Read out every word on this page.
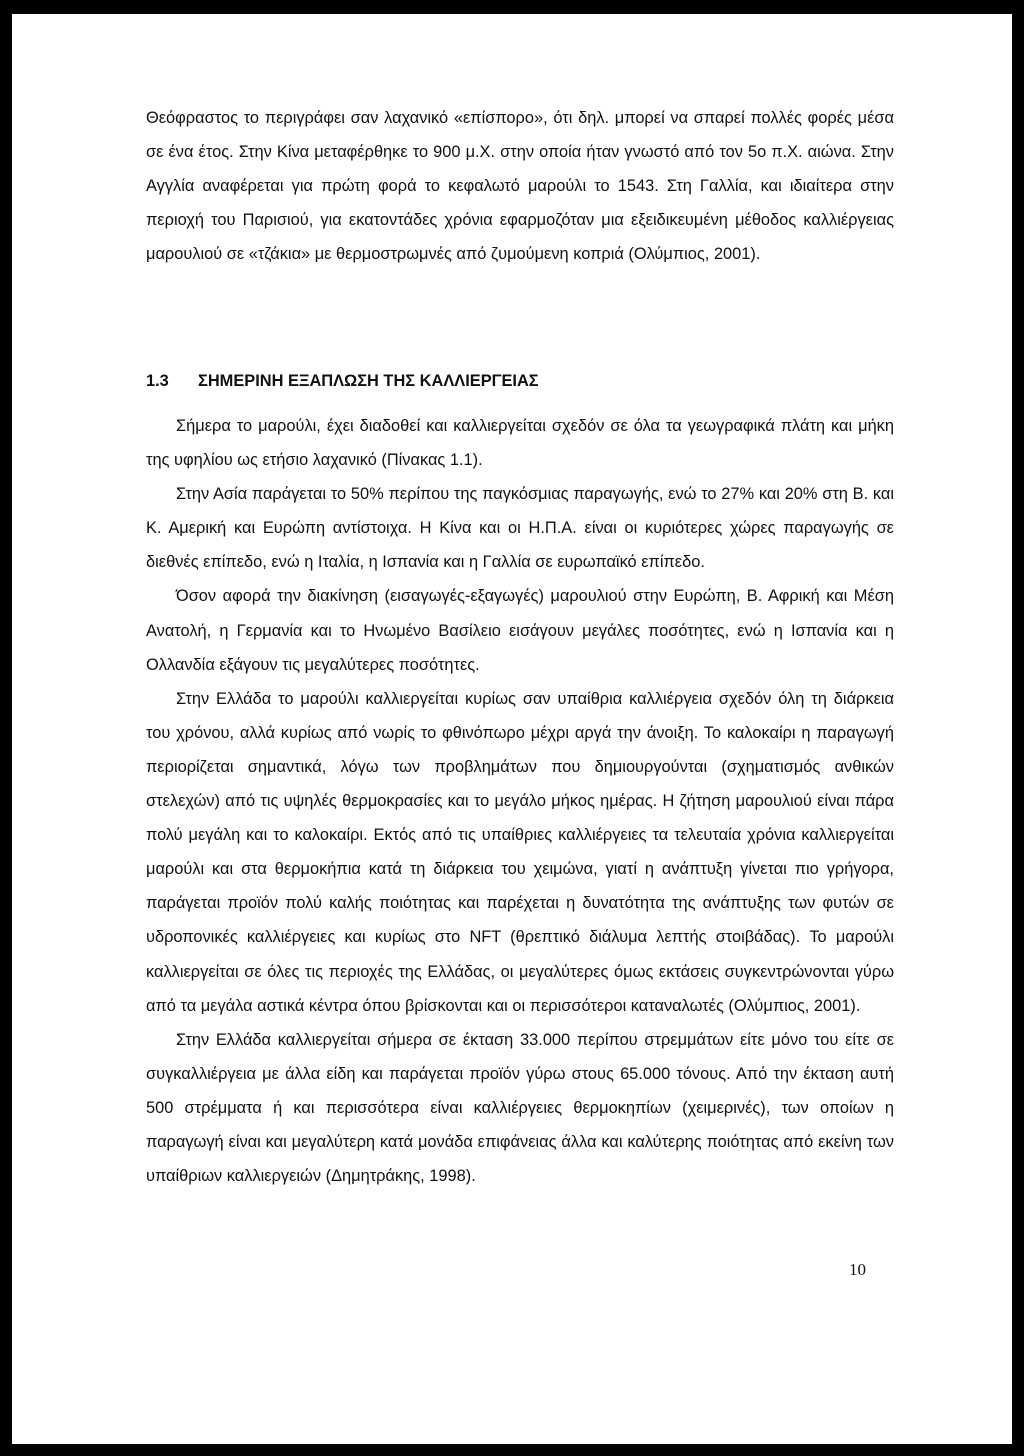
Θεόφραστος το περιγράφει σαν λαχανικό «επίσπορο», ότι δηλ. μπορεί να σπαρεί πολλές φορές μέσα σε ένα έτος. Στην Κίνα μεταφέρθηκε το 900 μ.Χ. στην οποία ήταν γνωστό από τον 5ο π.Χ. αιώνα. Στην Αγγλία αναφέρεται για πρώτη φορά το κεφαλωτό μαρούλι το 1543. Στη Γαλλία, και ιδιαίτερα στην περιοχή του Παρισιού, για εκατοντάδες χρόνια εφαρμοζόταν μια εξειδικευμένη μέθοδος καλλιέργειας μαρουλιού σε «τζάκια» με θερμοστρωμνές από ζυμούμενη κοπριά (Ολύμπιος, 2001).
1.3 ΣΗΜΕΡΙΝΗ ΕΞΑΠΛΩΣΗ ΤΗΣ ΚΑΛΛΙΕΡΓΕΙΑΣ

Σήμερα το μαρούλι, έχει διαδοθεί και καλλιεργείται σχεδόν σε όλα τα γεωγραφικά πλάτη και μήκη της υφηλίου ως ετήσιο λαχανικό (Πίνακας 1.1).

Στην Ασία παράγεται το 50% περίπου της παγκόσμιας παραγωγής, ενώ το 27% και 20% στη Β. και Κ. Αμερική και Ευρώπη αντίστοιχα. Η Κίνα και οι Η.Π.Α. είναι οι κυριότερες χώρες παραγωγής σε διεθνές επίπεδο, ενώ η Ιταλία, η Ισπανία και η Γαλλία σε ευρωπαϊκό επίπεδο.

Όσον αφορά την διακίνηση (εισαγωγές-εξαγωγές) μαρουλιού στην Ευρώπη, Β. Αφρική και Μέση Ανατολή, η Γερμανία και το Ηνωμένο Βασίλειο εισάγουν μεγάλες ποσότητες, ενώ η Ισπανία και η Ολλανδία εξάγουν τις μεγαλύτερες ποσότητες.

Στην Ελλάδα το μαρούλι καλλιεργείται κυρίως σαν υπαίθρια καλλιέργεια σχεδόν όλη τη διάρκεια του χρόνου, αλλά κυρίως από νωρίς το φθινόπωρο μέχρι αργά την άνοιξη. Το καλοκαίρι η παραγωγή περιορίζεται σημαντικά, λόγω των προβλημάτων που δημιουργούνται (σχηματισμός ανθικών στελεχών) από τις υψηλές θερμοκρασίες και το μεγάλο μήκος ημέρας. Η ζήτηση μαρουλιού είναι πάρα πολύ μεγάλη και το καλοκαίρι. Εκτός από τις υπαίθριες καλλιέργειες τα τελευταία χρόνια καλλιεργείται μαρούλι και στα θερμοκήπια κατά τη διάρκεια του χειμώνα, γιατί η ανάπτυξη γίνεται πιο γρήγορα, παράγεται προϊόν πολύ καλής ποιότητας και παρέχεται η δυνατότητα της ανάπτυξης των φυτών σε υδροπονικές καλλιέργειες και κυρίως στο NFT (θρεπτικό διάλυμα λεπτής στοιβάδας). Το μαρούλι καλλιεργείται σε όλες τις περιοχές της Ελλάδας, οι μεγαλύτερες όμως εκτάσεις συγκεντρώνονται γύρω από τα μεγάλα αστικά κέντρα όπου βρίσκονται και οι περισσότεροι καταναλωτές (Ολύμπιος, 2001).

Στην Ελλάδα καλλιεργείται σήμερα σε έκταση 33.000 περίπου στρεμμάτων είτε μόνο του είτε σε συγκαλλιέργεια με άλλα είδη και παράγεται προϊόν γύρω στους 65.000 τόνους. Από την έκταση αυτή 500 στρέμματα ή και περισσότερα είναι καλλιέργειες θερμοκηπίων (χειμερινές), των οποίων η παραγωγή είναι και μεγαλύτερη κατά μονάδα επιφάνειας άλλα και καλύτερης ποιότητας από εκείνη των υπαίθριων καλλιεργειών (Δημητράκης, 1998).

10
